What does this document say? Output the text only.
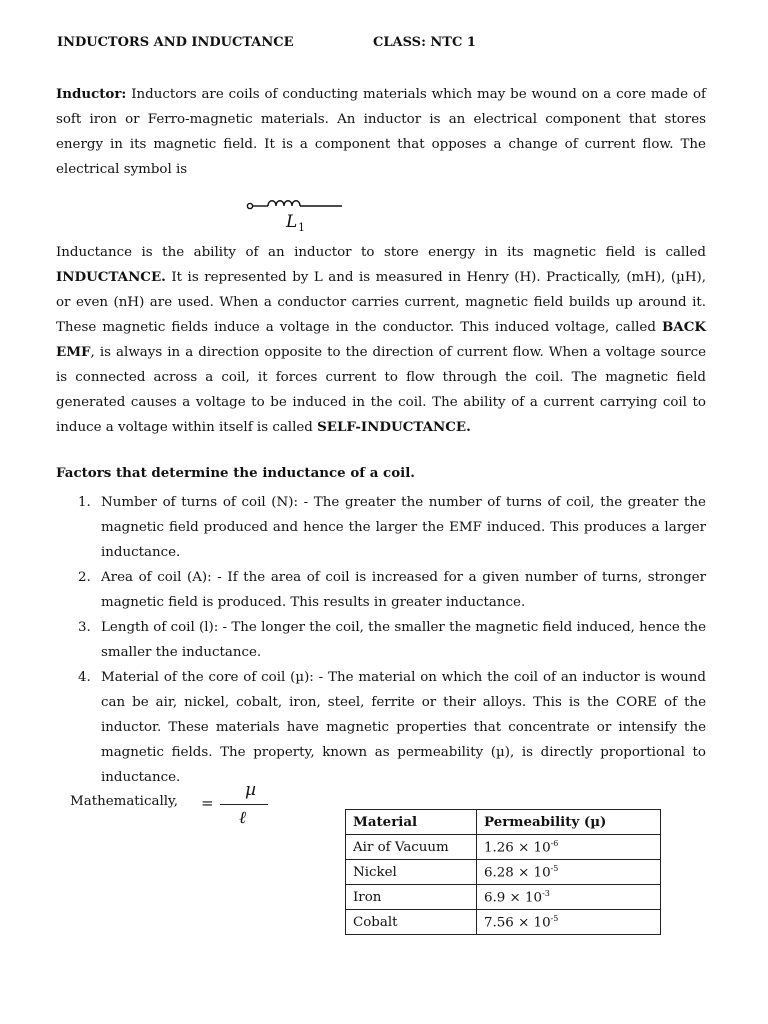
INDUCTORS AND INDUCTANCE	CLASS: NTC 1

Inductor: Inductors are coils of conducting materials which may be wound on a core made of soft iron or Ferro-magnetic materials. An inductor is an electrical component that stores energy in its magnetic field. It is a component that opposes a change of current flow. The electrical symbol is

L 1

Inductance is the ability of an inductor to store energy in its magnetic field is called INDUCTANCE. It is represented by L and is measured in Henry (H). Practically, (mH), (µH), or even (nH) are used. When a conductor carries current, magnetic field builds up around it. These magnetic fields induce a voltage in the conductor. This induced voltage, called BACK EMF, is always in a direction opposite to the direction of current flow. When a voltage source is connected across a coil, it forces current to flow through the coil. The magnetic field generated causes a voltage to be induced in the coil. The ability of a current carrying coil to induce a voltage within itself is called SELF-INDUCTANCE.

Factors that determine the inductance of a coil.

1. Number of turns of coil (N): - The greater the number of turns of coil, the greater the magnetic field produced and hence the larger the EMF induced. This produces a larger inductance.
2. Area of coil (A): - If the area of coil is increased for a given number of turns, stronger magnetic field is produced. This results in greater inductance.
3. Length of coil (l): - The longer the coil, the smaller the magnetic field induced, hence the smaller the inductance.
4. Material of the core of coil (µ): - The material on which the coil of an inductor is wound can be air, nickel, cobalt, iron, steel, ferrite or their alloys. This is the CORE of the inductor. These materials have magnetic properties that concentrate or intensify the magnetic fields. The property, known as permeability (µ), is directly proportional to inductance.
Mathematically, =
µ
ℓ	Material	Permeability (µ)
Air of Vacuum	$1.26 \times 10^{-6}$
Nickel	$6.28 \times 10^{-5}$
Iron	$6.9 \times 10^{-3}$
Cobalt	$7.56 \times 10^{-5}$
